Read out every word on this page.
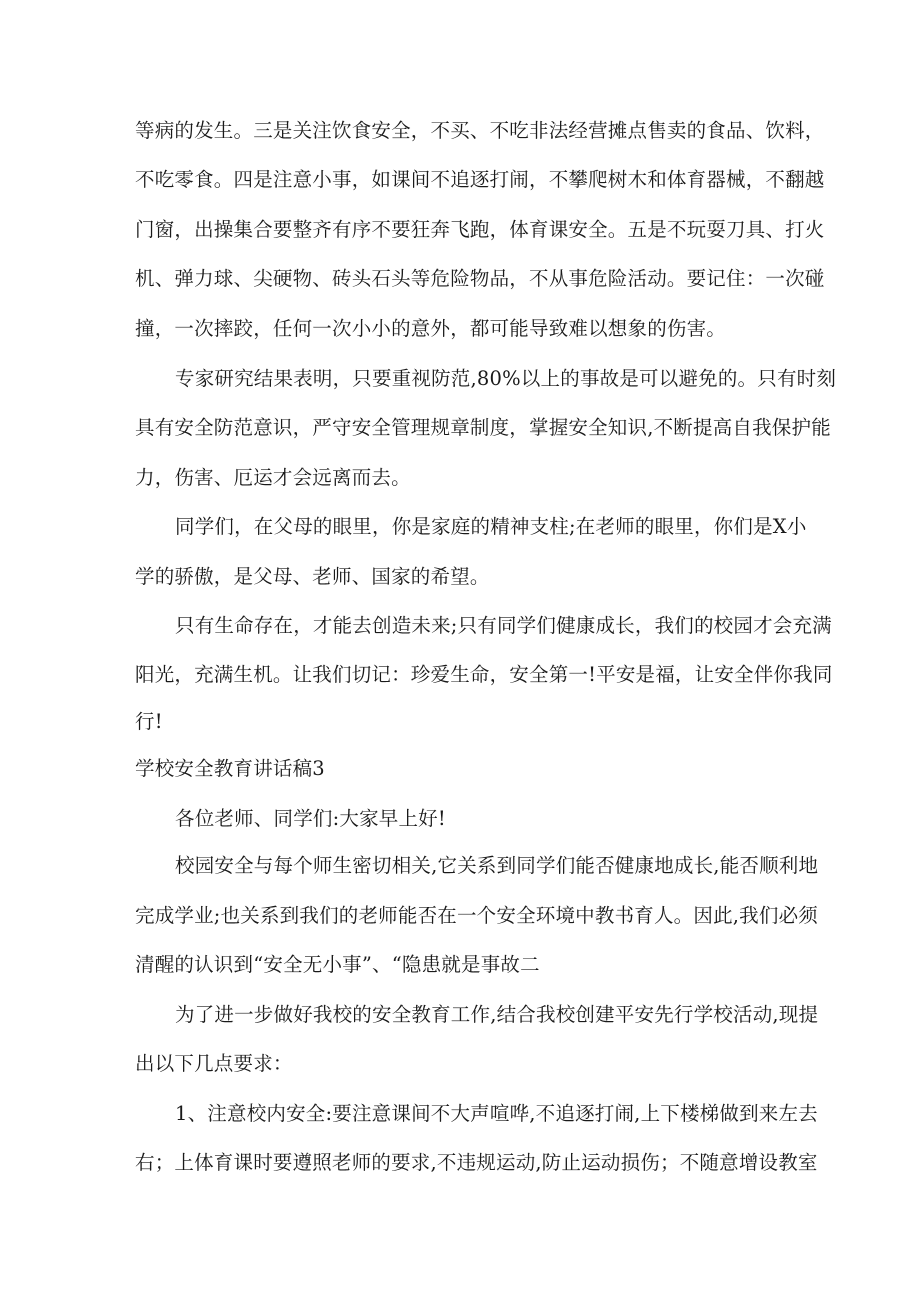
等病的发生。三是关注饮食安全，不买、不吃非法经营摊点售卖的食品、饮料，
不吃零食。四是注意小事，如课间不追逐打闹，不攀爬树木和体育器械，不翻越
门窗，出操集合要整齐有序不要狂奔飞跑，体育课安全。五是不玩耍刀具、打火
机、弹力球、尖硬物、砖头石头等危险物品，不从事危险活动。要记住：一次碰
撞，一次摔跤，任何一次小小的意外，都可能导致难以想象的伤害。
专家研究结果表明，只要重视防范,80%以上的事故是可以避免的。只有时刻
具有安全防范意识，严守安全管理规章制度，掌握安全知识,不断提高自我保护能
力，伤害、厄运才会远离而去。
同学们，在父母的眼里，你是家庭的精神支柱;在老师的眼里，你们是X小
学的骄傲，是父母、老师、国家的希望。
只有生命存在，才能去创造未来;只有同学们健康成长，我们的校园才会充满
阳光，充满生机。让我们切记：珍爱生命，安全第一!平安是福，让安全伴你我同
行!
学校安全教育讲话稿3
各位老师、同学们:大家早上好!
校园安全与每个师生密切相关,它关系到同学们能否健康地成长,能否顺利地
完成学业;也关系到我们的老师能否在一个安全环境中教书育人。因此,我们必须
清醒的认识到“安全无小事”、“隐患就是事故二
为了进一步做好我校的安全教育工作,结合我校创建平安先行学校活动,现提
出以下几点要求：
1、注意校内安全:要注意课间不大声喧哗,不追逐打闹,上下楼梯做到来左去
右；上体育课时要遵照老师的要求,不违规运动,防止运动损伤；不随意增设教室
